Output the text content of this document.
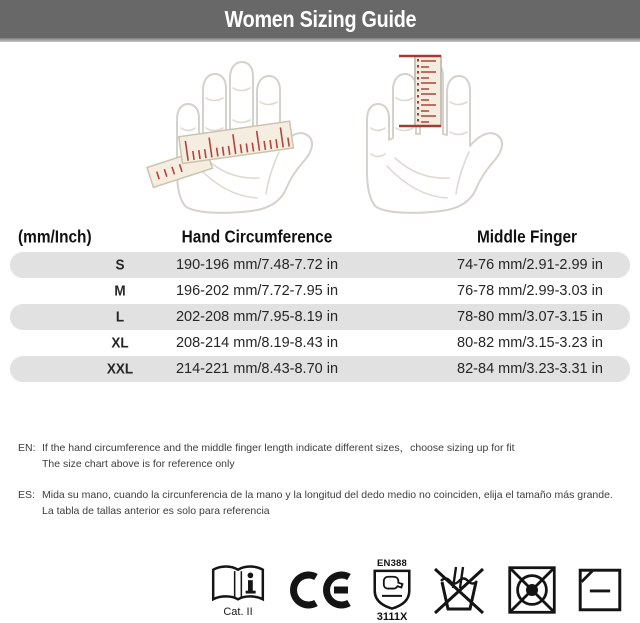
Women Sizing Guide
(mm/Inch)	Hand Circumference	Middle Finger
S	190-196 mm/7.48-7.72 in	74-76 mm/2.91-2.99 in
M	196-202 mm/7.72-7.95 in	76-78 mm/2.99-3.03 in
L	202-208 mm/7.95-8.19 in	78-80 mm/3.07-3.15 in
XL	208-214 mm/8.19-8.43 in	80-82 mm/3.15-3.23 in
XXL	214-221 mm/8.43-8.70 in	82-84 mm/3.23-3.31 in
EN: If the hand circumference and the middle finger length indicate different sizes，choose sizing up for fit
The size chart above is for reference only
ES: Mida su mano, cuando la circunferencia de la mano y la longitud del dedo medio no coinciden, elija el tamaño más grande.
La tabla de tallas anterior es solo para referencia
Cat. II
EN388
3111X
